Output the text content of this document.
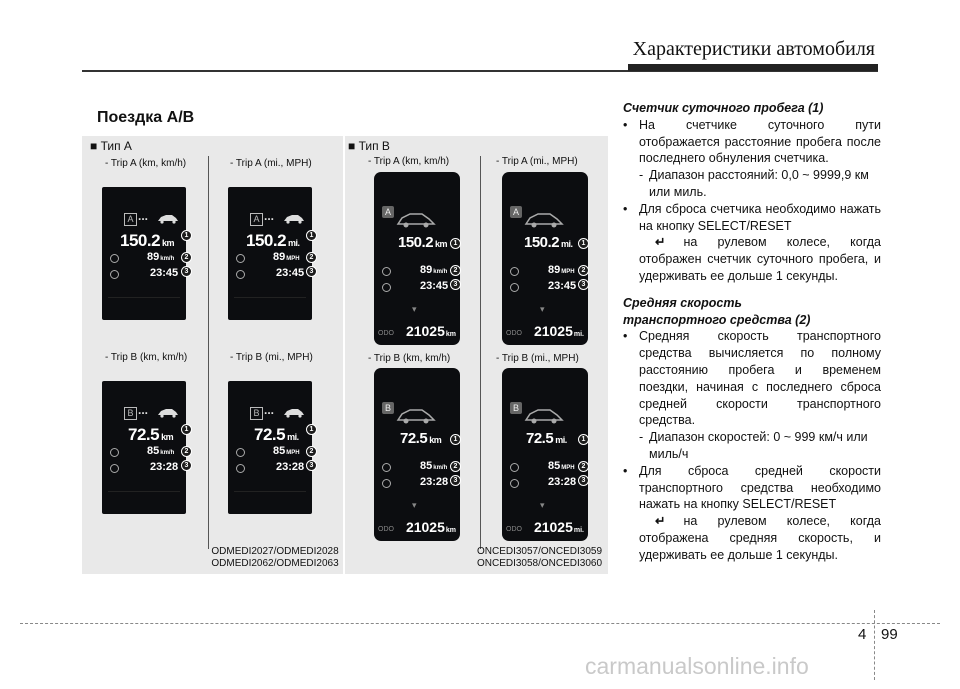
Характеристики автомобиля
Поездка A/B
■ Тип A	■ Тип B
- Trip A (km, km/h)	- Trip A (mi., MPH)
- Trip B (km, km/h)	- Trip B (mi., MPH)
- Trip A (km, km/h)	- Trip A (mi., MPH)
- Trip B (km, km/h)	- Trip B (mi., MPH)
A ...
150.2 km
89km/h
23:45
1
2
3
A ...
150.2 mi.
89MPH
23:45
1
2
3
B ...
72.5 km
85km/h
23:28
1
2
3
B ...
72.5 mi.
85MPH
23:28
1
2
3
A
150.2 km
89km/h
23:45
▾
ODO 21025km
1
2
3
A
150.2 mi.
89MPH
23:45
▾
ODO 21025mi.
1
2
3
B
72.5 km
85km/h
23:28
▾
ODO 21025km
1
2
3
B
72.5 mi.
85MPH
23:28
▾
ODO 21025mi.
1
2
3
ODMEDI2027/ODMEDI2028
ODMEDI2062/ODMEDI2063
ONCEDI3057/ONCEDI3059
ONCEDI3058/ONCEDI3060

Счетчик суточного пробега (1)

• На счетчике суточного пути отображается расстояние пробега после последнего обнуления счетчика.
- Диапазон расстояний: 0,0 ~ 9999,9 км или миль.
• Для сброса счетчика необходимо нажать на кнопку SELECT/RESET
↵ на рулевом колесе, когда отображен счетчик суточного пробега, и удерживать ее дольше 1 секунды.

Средняя скорость
транспортного средства (2)

• Средняя скорость транспортного средства вычисляется по полному расстоянию пробега и временем поездки, начиная с последнего сброса средней скорости транспортного средства.
- Диапазон скоростей: 0 ~ 999 км/ч или миль/ч
• Для сброса средней скорости транспортного средства необходимо нажать на кнопку SELECT/RESET
↵ на рулевом колесе, когда отображена средняя скорость, и удерживать ее дольше 1 секунды.
4 99
carmanualsonline.info
